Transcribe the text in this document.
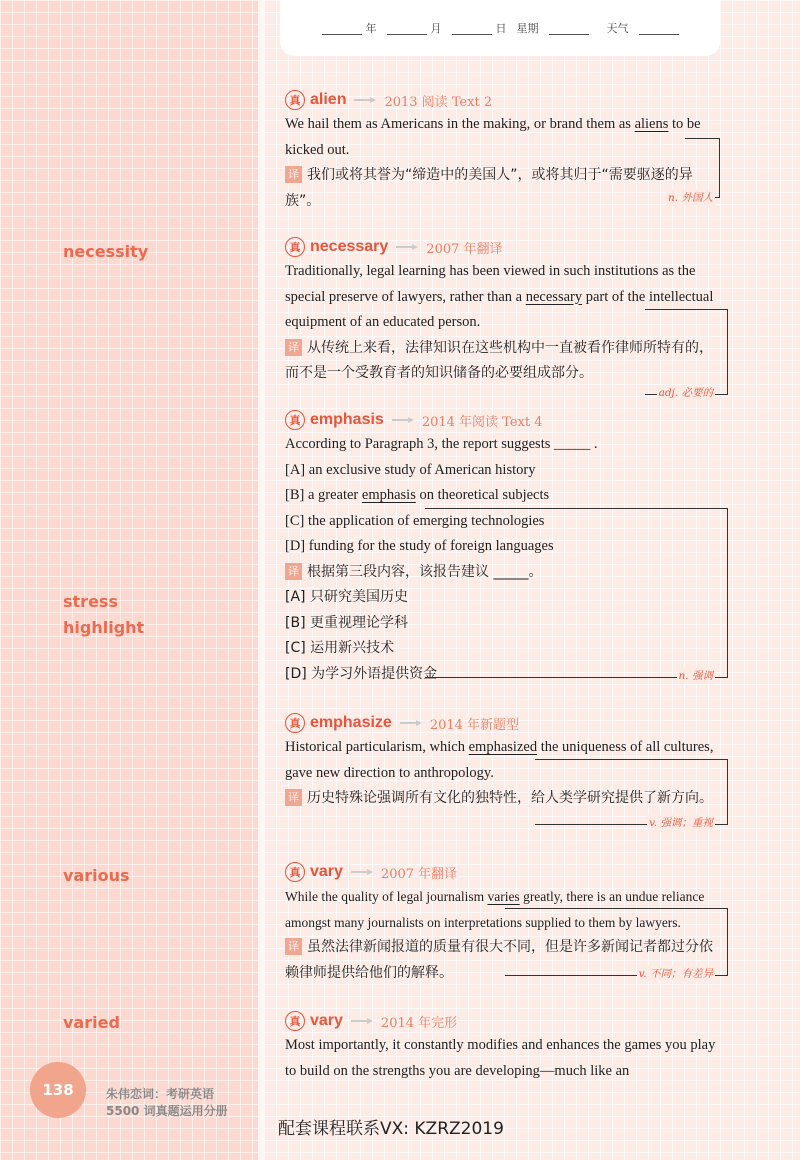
年	月	日 星期	天气
necessity
stress
highlight
various
varied
真 alien	2013 阅读 Text 2
We hail them as Americans in the making, or brand them as aliens to be kicked out.
译 我们或将其誉为“缔造中的美国人”，或将其归于“需要驱逐的异族”。	n. 外国人
真 necessary	2007 年翻译
Traditionally, legal learning has been viewed in such institutions as the special preserve of lawyers, rather than a necessary part of the intellectual equipment of an educated person.
译 从传统上来看，法律知识在这些机构中一直被看作律师所特有的，而不是一个受教育者的知识储备的必要组成部分。
adj. 必要的
真 emphasis	2014 年阅读 Text 4
According to Paragraph 3, the report suggests _____ .
[A] an exclusive study of American history
[B] a greater emphasis on theoretical subjects
[C] the application of emerging technologies
[D] funding for the study of foreign languages
译 根据第三段内容，该报告建议 _____。
[A] 只研究美国历史
[B] 更重视理论学科
[C] 运用新兴技术
[D] 为学习外语提供资金	n. 强调
真 emphasize	2014 年新题型
Historical particularism, which emphasized the uniqueness of all cultures, gave new direction to anthropology.
译 历史特殊论强调所有文化的独特性，给人类学研究提供了新方向。
v. 强调；重视
真 vary	2007 年翻译
While the quality of legal journalism varies greatly, there is an undue reliance amongst many journalists on interpretations supplied to them by lawyers.
译 虽然法律新闻报道的质量有很大不同，但是许多新闻记者都过分依赖律师提供给他们的解释。	v. 不同；有差异
真 vary	2014 年完形
Most importantly, it constantly modifies and enhances the games you play to build on the strengths you are developing—much like an
138	朱伟恋词：考研英语
5500 词真题运用分册
配套课程联系VX: KZRZ2019
